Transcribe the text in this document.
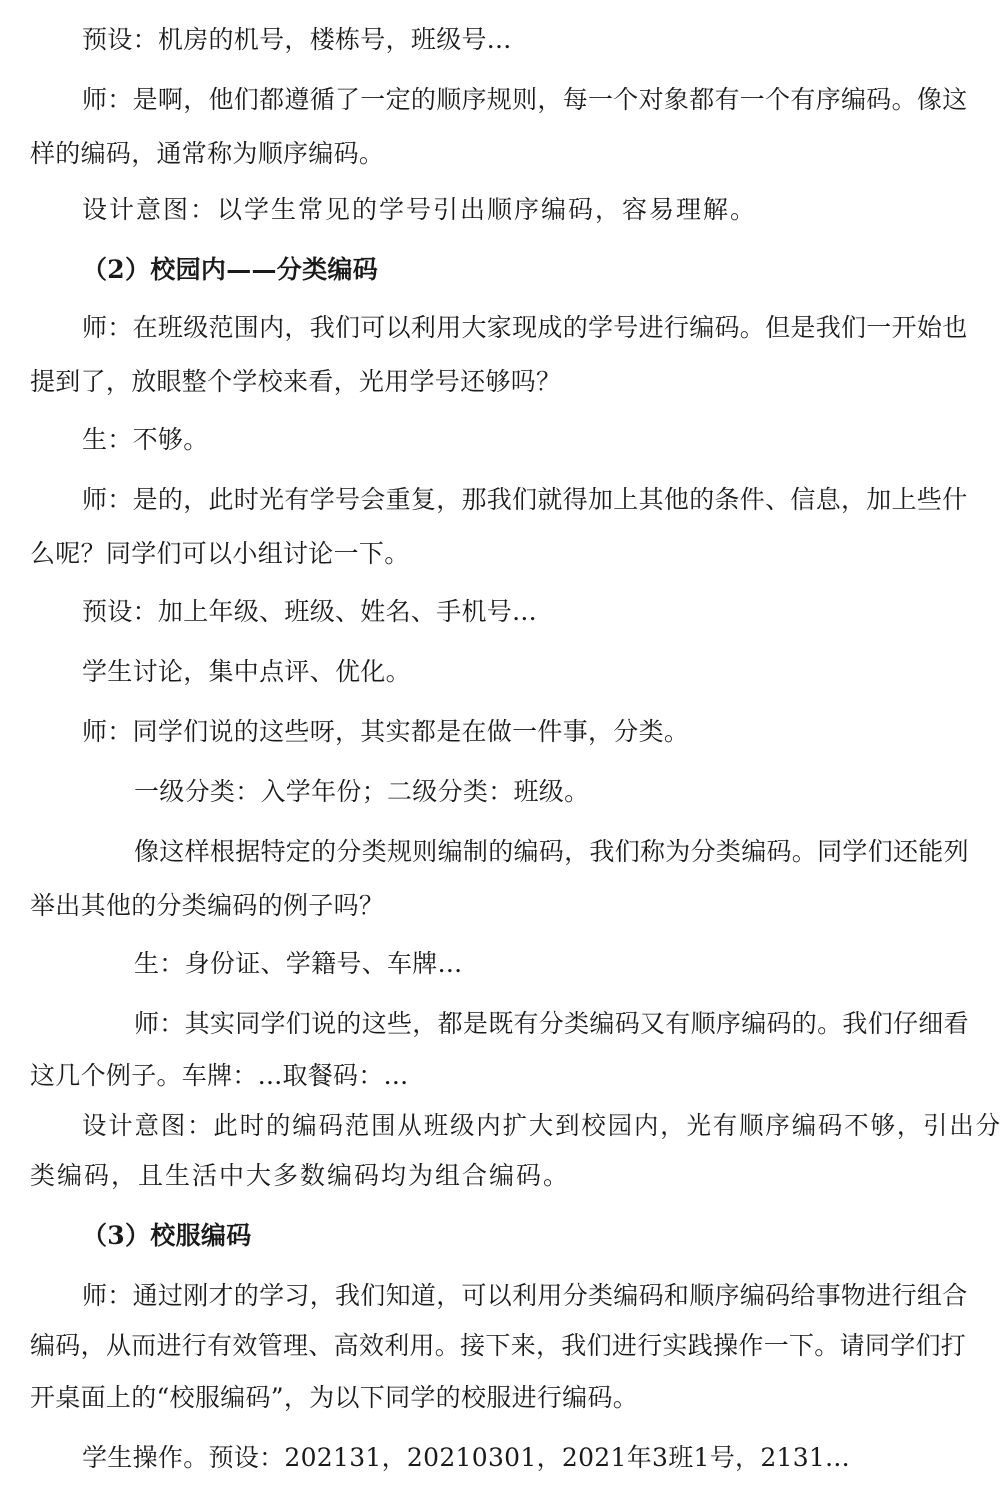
预设：机房的机号，楼栋号，班级号...
师：是啊，他们都遵循了一定的顺序规则，每一个对象都有一个有序编码。像这
样的编码，通常称为顺序编码。
设计意图：以学生常见的学号引出顺序编码，容易理解。
（2）校园内——分类编码
师：在班级范围内，我们可以利用大家现成的学号进行编码。但是我们一开始也
提到了，放眼整个学校来看，光用学号还够吗？
生：不够。
师：是的，此时光有学号会重复，那我们就得加上其他的条件、信息，加上些什
么呢？同学们可以小组讨论一下。
预设：加上年级、班级、姓名、手机号...
学生讨论，集中点评、优化。
师：同学们说的这些呀，其实都是在做一件事，分类。
一级分类：入学年份；二级分类：班级。
像这样根据特定的分类规则编制的编码，我们称为分类编码。同学们还能列
举出其他的分类编码的例子吗？
生：身份证、学籍号、车牌...
师：其实同学们说的这些，都是既有分类编码又有顺序编码的。我们仔细看
这几个例子。车牌：...取餐码：...
设计意图：此时的编码范围从班级内扩大到校园内，光有顺序编码不够，引出分
类编码，且生活中大多数编码均为组合编码。
（3）校服编码
师：通过刚才的学习，我们知道，可以利用分类编码和顺序编码给事物进行组合
编码，从而进行有效管理、高效利用。接下来，我们进行实践操作一下。请同学们打
开桌面上的“校服编码”，为以下同学的校服进行编码。
学生操作。预设：202131，20210301，2021年3班1号，2131...
